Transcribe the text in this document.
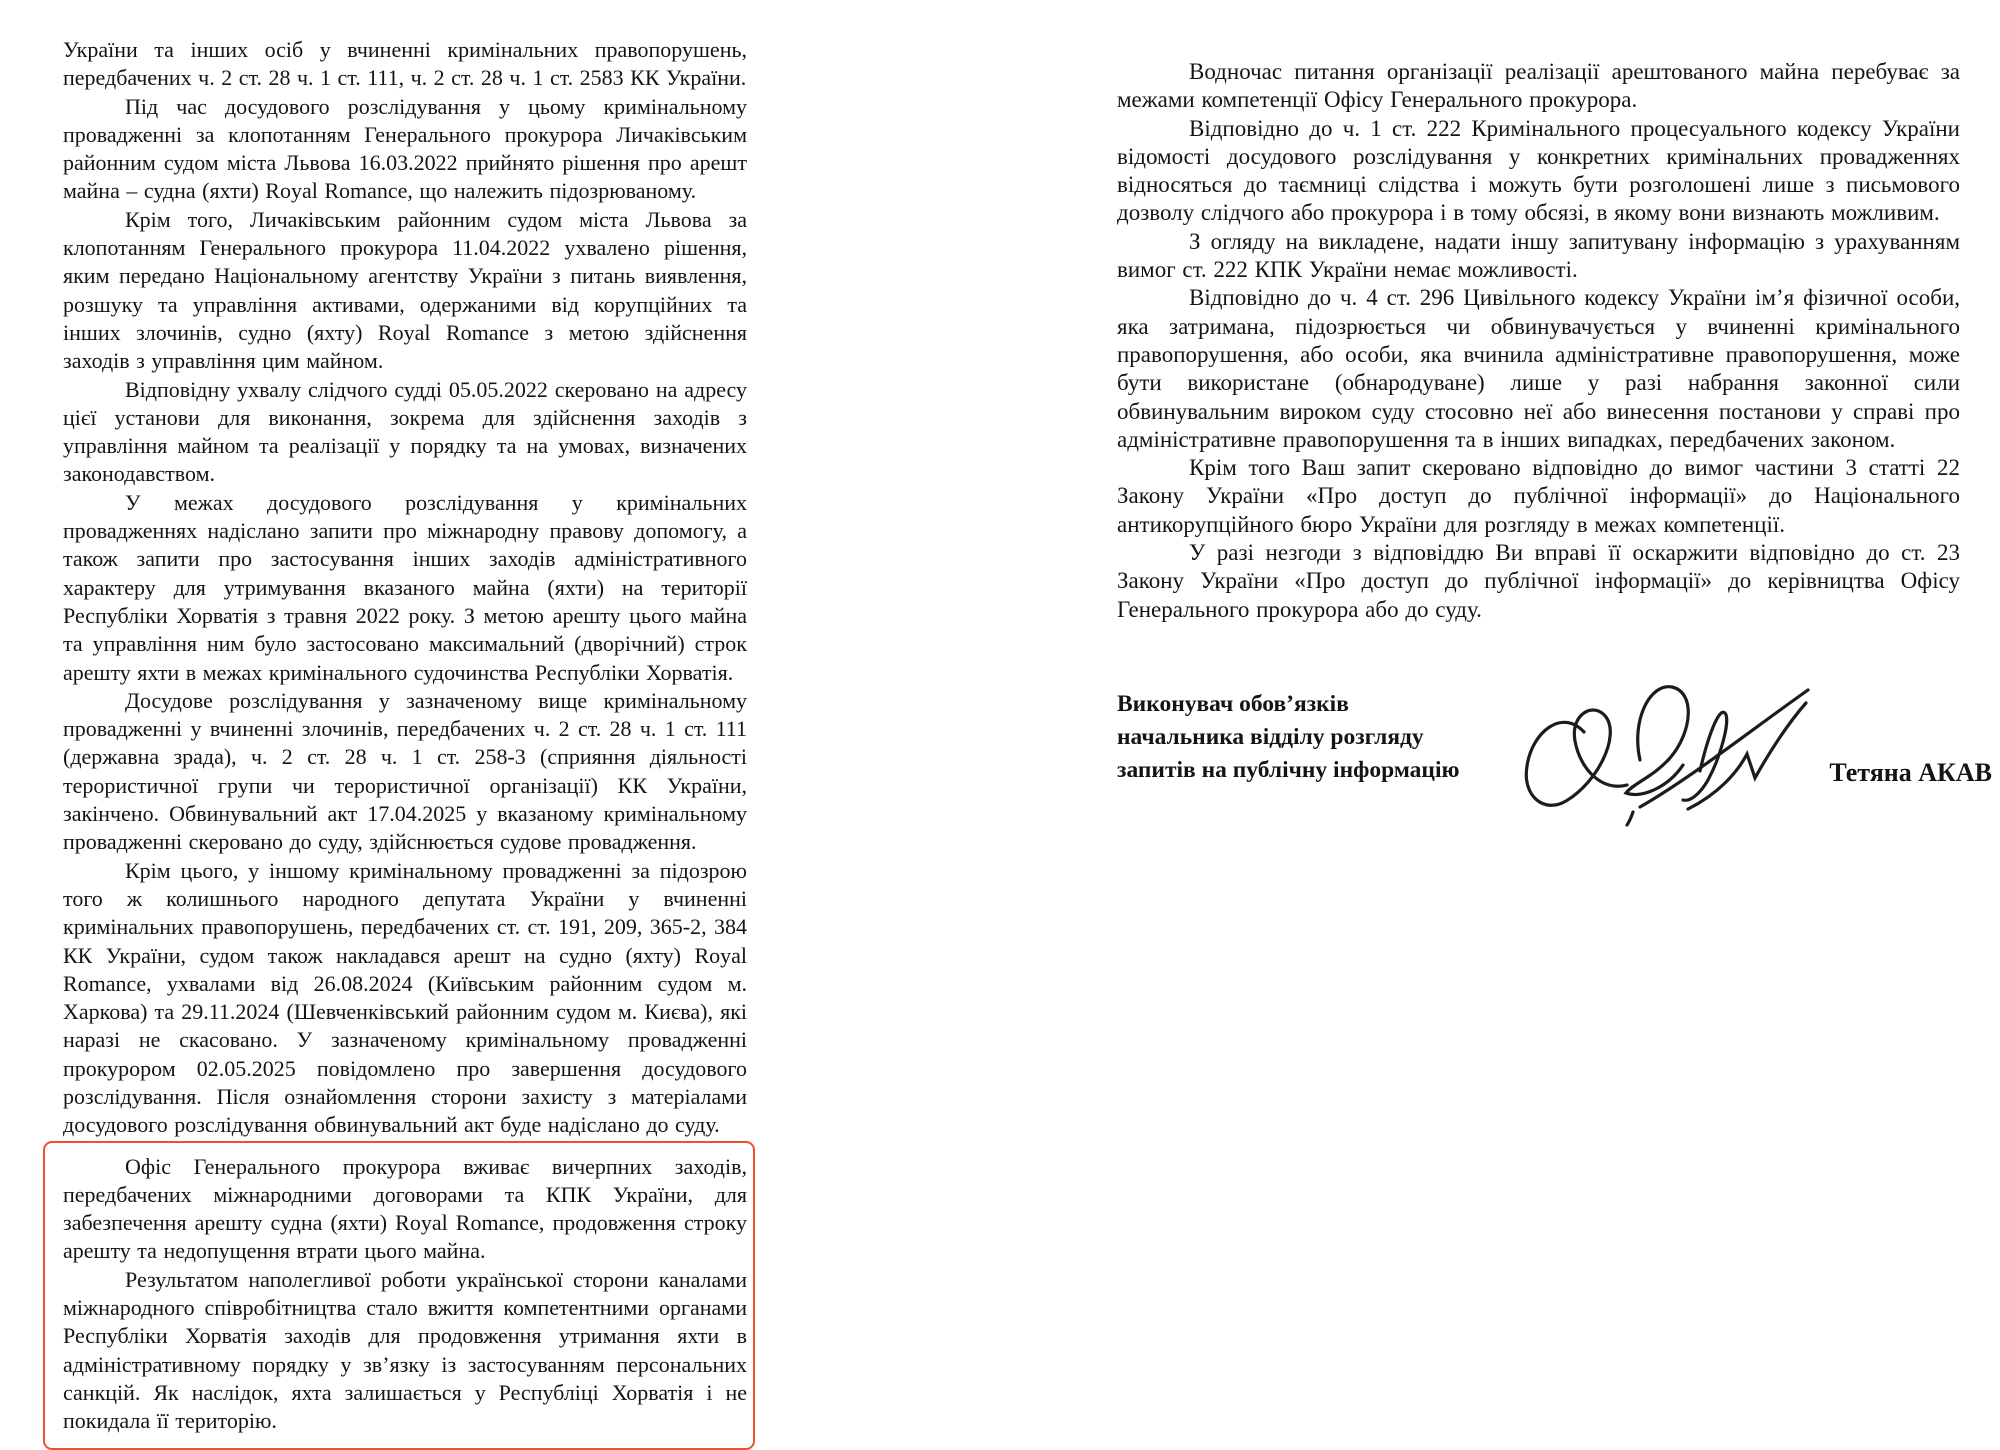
України та інших осіб у вчиненні кримінальних правопорушень, передбачених ч. 2 ст. 28 ч. 1 ст. 111, ч. 2 ст. 28 ч. 1 ст. 2583 КК України.

Під час досудового розслідування у цьому кримінальному провадженні за клопотанням Генерального прокурора Личаківським районним судом міста Львова 16.03.2022 прийнято рішення про арешт майна – судна (яхти) Royal Romance, що належить підозрюваному.

Крім того, Личаківським районним судом міста Львова за клопотанням Генерального прокурора 11.04.2022 ухвалено рішення, яким передано Національному агентству України з питань виявлення, розшуку та управління активами, одержаними від корупційних та інших злочинів, судно (яхту) Royal Romance з метою здійснення заходів з управління цим майном.

Відповідну ухвалу слідчого судді 05.05.2022 скеровано на адресу цієї установи для виконання, зокрема для здійснення заходів з управління майном та реалізації у порядку та на умовах, визначених законодавством.

У межах досудового розслідування у кримінальних провадженнях надіслано запити про міжнародну правову допомогу, а також запити про застосування інших заходів адміністративного характеру для утримування вказаного майна (яхти) на території Республіки Хорватія з травня 2022 року. З метою арешту цього майна та управління ним було застосовано максимальний (дворічний) строк арешту яхти в межах кримінального судочинства Республіки Хорватія.

Досудове розслідування у зазначеному вище кримінальному провадженні у вчиненні злочинів, передбачених ч. 2 ст. 28 ч. 1 ст. 111 (державна зрада), ч. 2 ст. 28 ч. 1 ст. 258-3 (сприяння діяльності терористичної групи чи терористичної організації) КК України, закінчено. Обвинувальний акт 17.04.2025 у вказаному кримінальному провадженні скеровано до суду, здійснюється судове провадження.

Крім цього, у іншому кримінальному провадженні за підозрою того ж колишнього народного депутата України у вчиненні кримінальних правопорушень, передбачених ст. ст. 191, 209, 365-2, 384 КК України, судом також накладався арешт на судно (яхту) Royal Romance, ухвалами від 26.08.2024 (Київським районним судом м. Харкова) та 29.11.2024 (Шевченківський районним судом м. Києва), які наразі не скасовано. У зазначеному кримінальному провадженні прокурором 02.05.2025 повідомлено про завершення досудового розслідування. Після ознайомлення сторони захисту з матеріалами досудового розслідування обвинувальний акт буде надіслано до суду.

Офіс Генерального прокурора вживає вичерпних заходів, передбачених міжнародними договорами та КПК України, для забезпечення арешту судна (яхти) Royal Romance, продовження строку арешту та недопущення втрати цього майна.

Результатом наполегливої роботи української сторони каналами міжнародного співробітництва стало вжиття компетентними органами Республіки Хорватія заходів для продовження утримання яхти в адміністративному порядку у зв’язку із застосуванням персональних санкцій. Як наслідок, яхта залишається у Республіці Хорватія і не покидала її територію.

Водночас питання організації реалізації арештованого майна перебуває за межами компетенції Офісу Генерального прокурора.

Відповідно до ч. 1 ст. 222 Кримінального процесуального кодексу України відомості досудового розслідування у конкретних кримінальних провадженнях відносяться до таємниці слідства і можуть бути розголошені лише з письмового дозволу слідчого або прокурора і в тому обсязі, в якому вони визнають можливим.

З огляду на викладене, надати іншу запитувану інформацію з урахуванням вимог ст. 222 КПК України немає можливості.

Відповідно до ч. 4 ст. 296 Цивільного кодексу України ім’я фізичної особи, яка затримана, підозрюється чи обвинувачується у вчиненні кримінального правопорушення, або особи, яка вчинила адміністративне правопорушення, може бути використане (обнародуване) лише у разі набрання законної сили обвинувальним вироком суду стосовно неї або винесення постанови у справі про адміністративне правопорушення та в інших випадках, передбачених законом.

Крім того Ваш запит скеровано відповідно до вимог частини 3 статті 22 Закону України «Про доступ до публічної інформації» до Національного антикорупційного бюро України для розгляду в межах компетенції.

У разі незгоди з відповіддю Ви вправі її оскаржити відповідно до ст. 23 Закону України «Про доступ до публічної інформації» до керівництва Офісу Генерального прокурора або до суду.

Виконувач обов’язків
начальника відділу розгляду
запитів на публічну інформацію	Тетяна АКАВ
